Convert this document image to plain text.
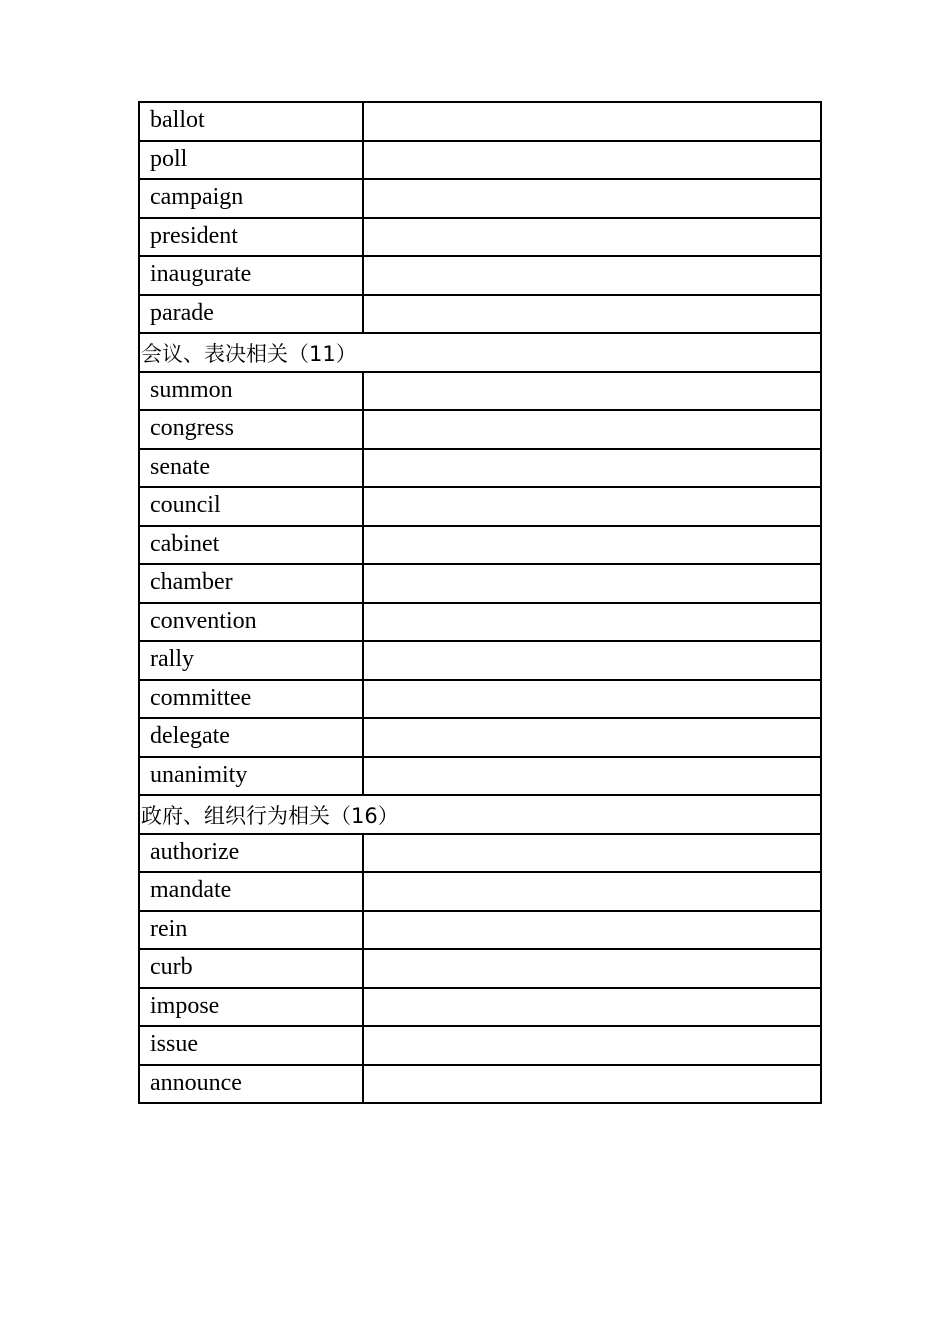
ballot	

poll	

campaign	

president	

inaugurate	

parade	

会议、表决相关（11）	

summon	

congress	

senate	

council	

cabinet	

chamber	

convention	

rally	

committee	

delegate	

unanimity	

政府、组织行为相关（16）	

authorize	

mandate	

rein	

curb	

impose	

issue	

announce	
